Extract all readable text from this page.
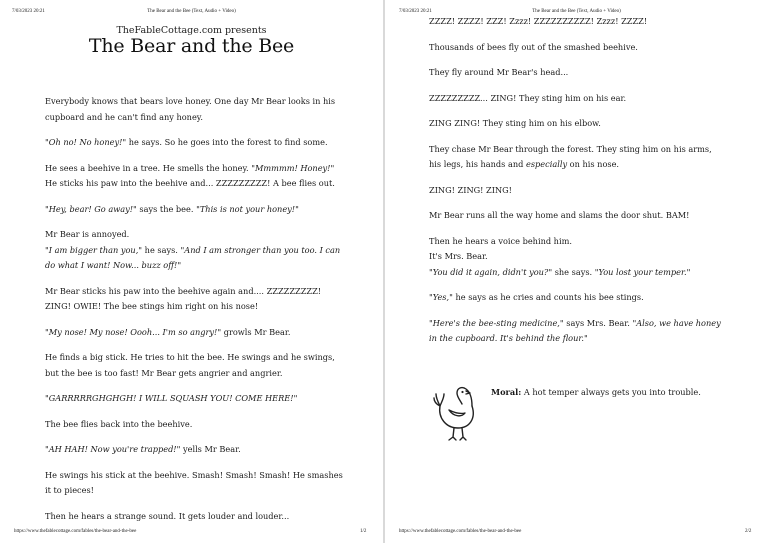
7/03/2023 20:21	The Bear and the Bee (Text, Audio + Video)
TheFableCottage.com presents
The Bear and the Bee

Everybody knows that bears love honey. One day Mr Bear looks in his cupboard and he can't find any honey.

"Oh no! No honey!" he says. So he goes into the forest to find some.

He sees a beehive in a tree. He smells the honey. "Mmmmm! Honey!" He sticks his paw into the beehive and... ZZZZZZZZZ! A bee flies out.

"Hey, bear! Go away!" says the bee. "This is not your honey!"

Mr Bear is annoyed.
"I am bigger than you," he says. "And I am stronger than you too. I can do what I want! Now... buzz off!"

Mr Bear sticks his paw into the beehive again and.... ZZZZZZZZZ! ZING! OWIE! The bee stings him right on his nose!

"My nose! My nose! Oooh... I'm so angry!" growls Mr Bear.

He finds a big stick. He tries to hit the bee. He swings and he swings, but the bee is too fast! Mr Bear gets angrier and angrier.

"GARRRRRGHGHGH! I WILL SQUASH YOU! COME HERE!"

The bee flies back into the beehive.

"AH HAH! Now you're trapped!" yells Mr Bear.

He swings his stick at the beehive. Smash! Smash! Smash! He smashes it to pieces!

Then he hears a strange sound. It gets louder and louder...

https://www.thefablecottage.com/fables/the-bear-and-the-bee	1/2
7/03/2023 20:21	The Bear and the Bee (Text, Audio + Video)

ZZZZ! ZZZZ! ZZZ! Zzzz! ZZZZZZZZZZ! Zzzz! ZZZZ!

Thousands of bees fly out of the smashed beehive.

They fly around Mr Bear's head...

ZZZZZZZZZ... ZING! They sting him on his ear.

ZING ZING! They sting him on his elbow.

They chase Mr Bear through the forest. They sting him on his arms, his legs, his hands and especially on his nose.

ZING! ZING! ZING!

Mr Bear runs all the way home and slams the door shut. BAM!

Then he hears a voice behind him.
It's Mrs. Bear.
"You did it again, didn't you?" she says. "You lost your temper."

"Yes," he says as he cries and counts his bee stings.

"Here's the bee-sting medicine," says Mrs. Bear. "Also, we have honey in the cupboard. It's behind the flour."

Moral: A hot temper always gets you into trouble.
https://www.thefablecottage.com/fables/the-bear-and-the-bee	2/2
